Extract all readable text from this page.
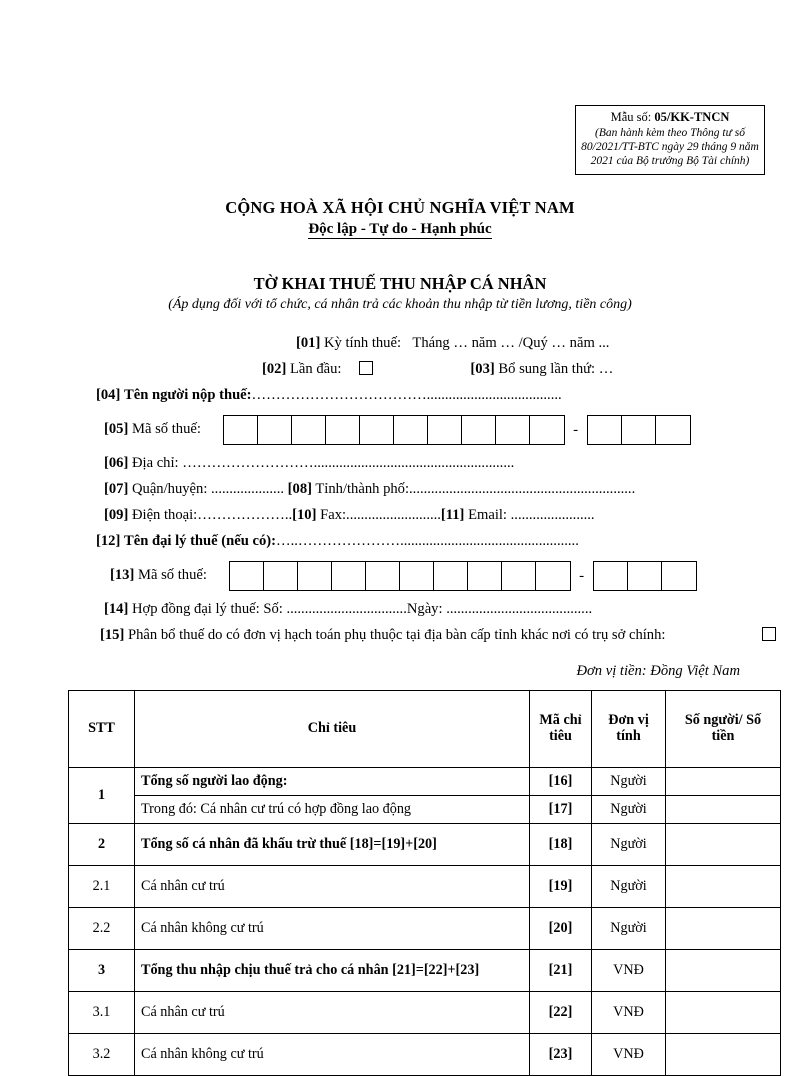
Mẫu số: 05/KK-TNCN
(Ban hành kèm theo Thông tư số
80/2021/TT-BTC ngày 29 tháng 9 năm
2021 của Bộ trưởng Bộ Tài chính)
CỘNG HOÀ XÃ HỘI CHỦ NGHĨA VIỆT NAM
Độc lập - Tự do - Hạnh phúc
TỜ KHAI THUẾ THU NHẬP CÁ NHÂN
(Áp dụng đối với tổ chức, cá nhân trả các khoản thu nhập từ tiền lương, tiền công)
[01] Kỳ tính thuế: Tháng … năm … /Quý … năm ...
[02] Lần đầu:	[03] Bổ sung lần thứ: …
[04] Tên người nộp thuế:……………………………….....................................
[05] Mã số thuế:	-
[06] Địa chỉ: ……………………….......................................................
[07] Quận/huyện: .................... [08] Tỉnh/thành phố:..............................................................
[09] Điện thoại:………………..[10] Fax:..........................[11] Email: .......................
[12] Tên đại lý thuế (nếu có):…..………………….................................................
[13] Mã số thuế:	-
[14] Hợp đồng đại lý thuế: Số: .................................Ngày: ........................................
[15] Phân bổ thuế do có đơn vị hạch toán phụ thuộc tại địa bàn cấp tỉnh khác nơi có trụ sở chính:
Đơn vị tiền: Đồng Việt Nam
STT	Chỉ tiêu	Mã chỉ tiêu	Đơn vị tính	Số người/ Số tiền
1	Tổng số người lao động:	[16]	Người	
	Trong đó: Cá nhân cư trú có hợp đồng lao động	[17]	Người	
2	Tổng số cá nhân đã khấu trừ thuế [18]=[19]+[20]	[18]	Người	
2.1	Cá nhân cư trú	[19]	Người	
2.2	Cá nhân không cư trú	[20]	Người	
3	Tổng thu nhập chịu thuế trả cho cá nhân [21]=[22]+[23]	[21]	VNĐ	
3.1	Cá nhân cư trú	[22]	VNĐ	
3.2	Cá nhân không cư trú	[23]	VNĐ	
